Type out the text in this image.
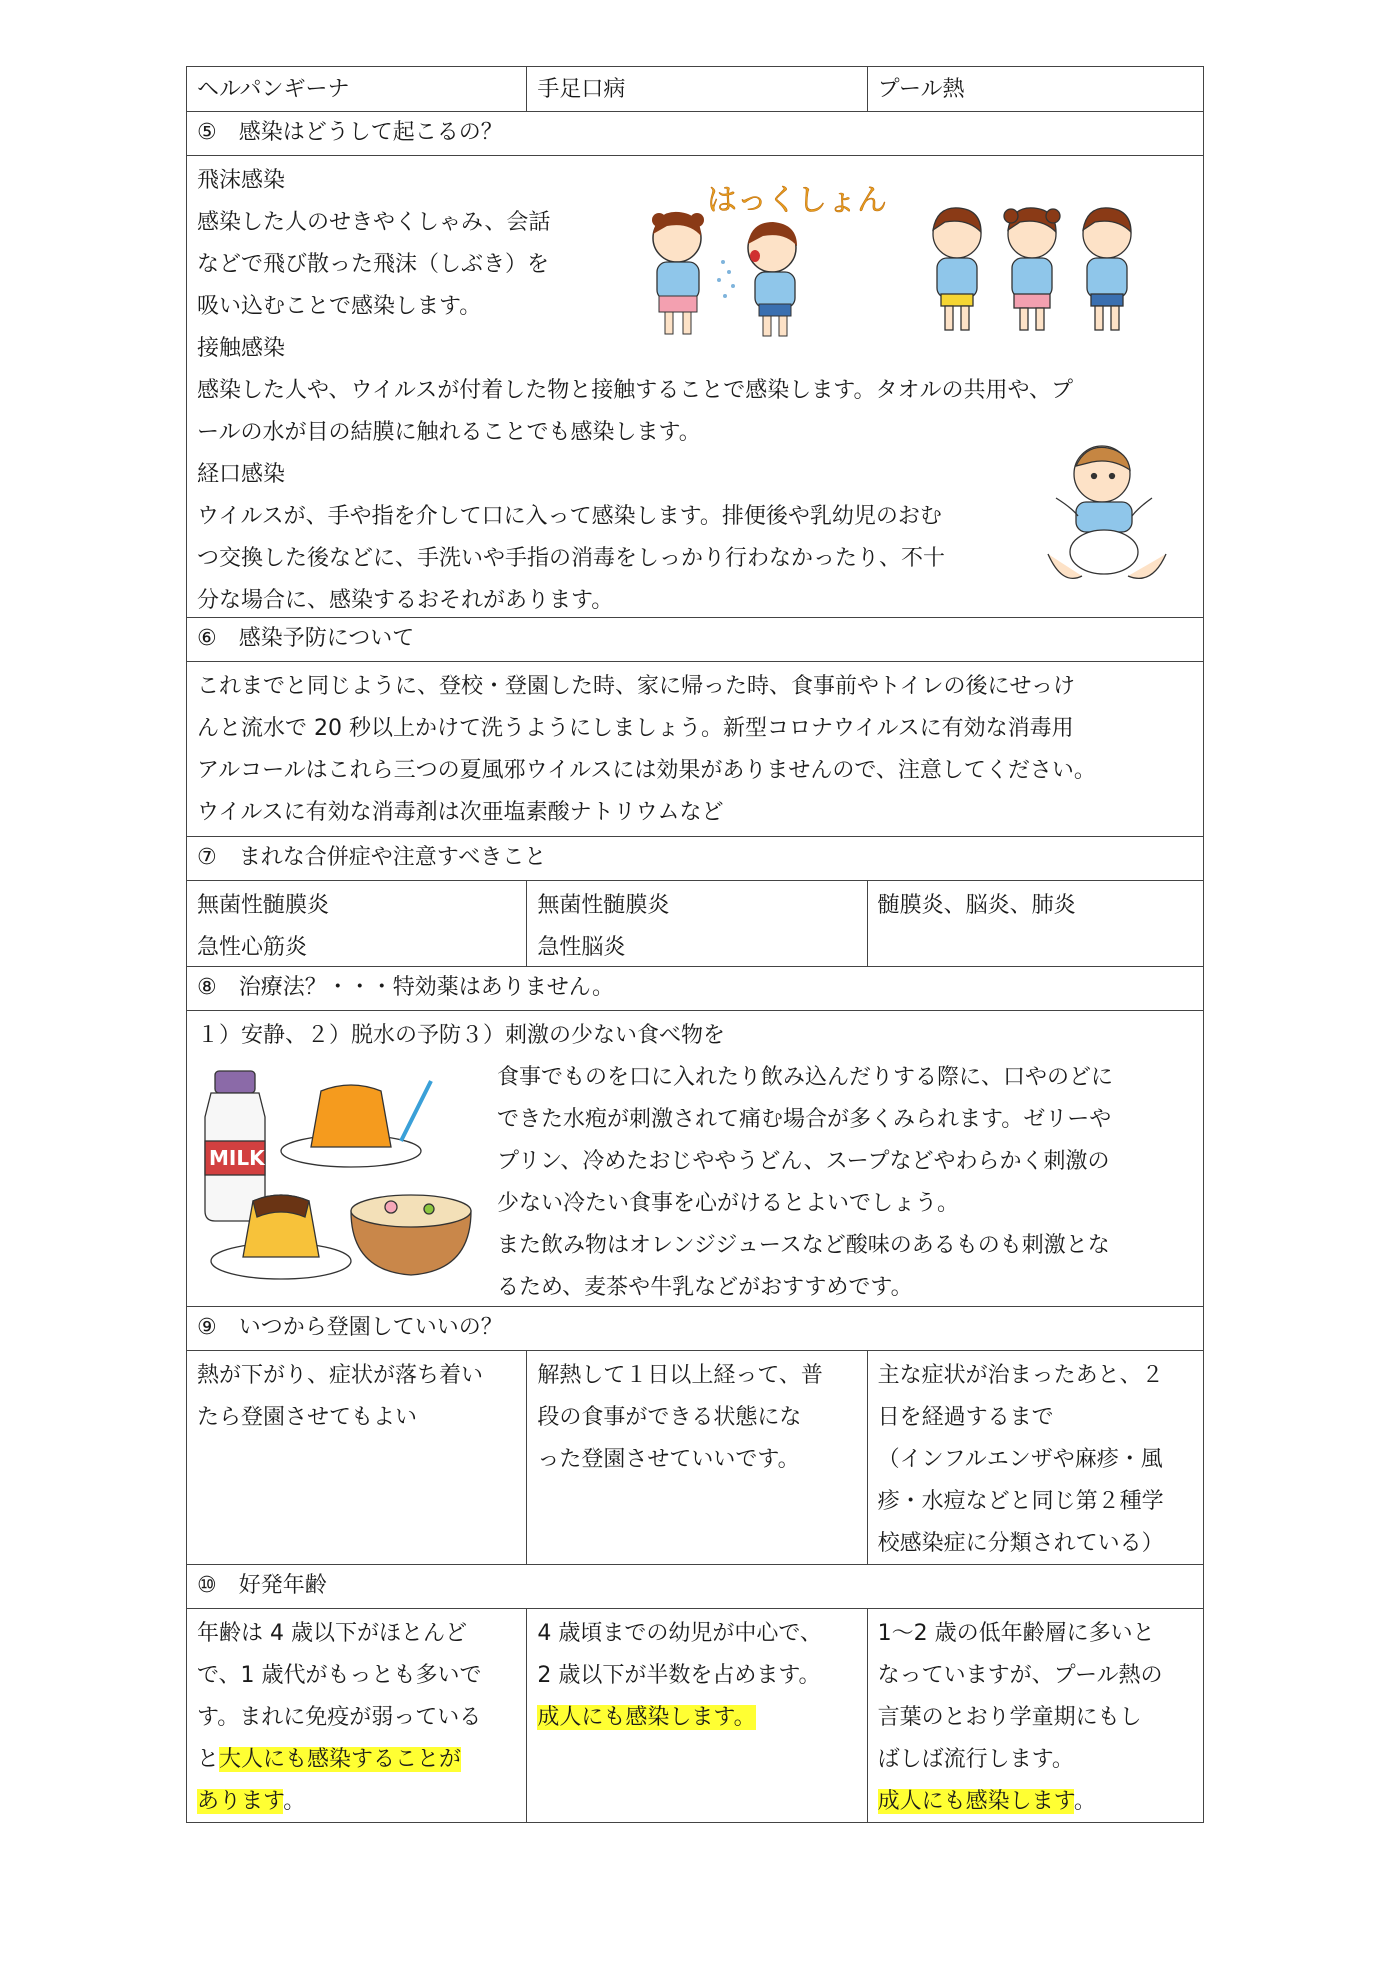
ヘルパンギーナ	手足口病	プール熱
⑤　感染はどうして起こるの？

飛沫感染

感染した人のせきやくしゃみ、会話

などで飛び散った飛沫（しぶき）を

吸い込むことで感染します。

接触感染

感染した人や、ウイルスが付着した物と接触することで感染します。タオルの共用や、プ

ールの水が目の結膜に触れることでも感染します。

経口感染

ウイルスが、手や指を介して口に入って感染します。排便後や乳幼児のおむ

つ交換した後などに、手洗いや手指の消毒をしっかり行わなかったり、不十

分な場合に、感染するおそれがあります。

はっくしょん
⑥　感染予防について

これまでと同じように、登校・登園した時、家に帰った時、食事前やトイレの後にせっけ

んと流水で 20 秒以上かけて洗うようにしましょう。新型コロナウイルスに有効な消毒用

アルコールはこれら三つの夏風邪ウイルスには効果がありませんので、注意してください。

ウイルスに有効な消毒剤は次亜塩素酸ナトリウムなど

⑦　まれな合併症や注意すべきこと

無菌性髄膜炎

急性心筋炎

無菌性髄膜炎

急性脳炎

髄膜炎、脳炎、肺炎

⑧　治療法？・・・特効薬はありません。

１）安静、２）脱水の予防３）刺激の少ない食べ物を

食事でものを口に入れたり飲み込んだりする際に、口やのどに

できた水疱が刺激されて痛む場合が多くみられます。ゼリーや

プリン、冷めたおじややうどん、スープなどやわらかく刺激の

少ない冷たい食事を心がけるとよいでしょう。

また飲み物はオレンジジュースなど酸味のあるものも刺激とな

るため、麦茶や牛乳などがおすすめです。

MILK
⑨　いつから登園していいの？

熱が下がり、症状が落ち着い

たら登園させてもよい

解熱して１日以上経って、普

段の食事ができる状態にな

った登園させていいです。

主な症状が治まったあと、２

日を経過するまで

（インフルエンザや麻疹・風

疹・水痘などと同じ第２種学

校感染症に分類されている）

⑩　好発年齢

年齢は 4 歳以下がほとんど

で、1 歳代がもっとも多いで

す。まれに免疫が弱っている

と大人にも感染することが

あります。

4 歳頃までの幼児が中心で、

2 歳以下が半数を占めます。

成人にも感染します。

1～2 歳の低年齢層に多いと

なっていますが、プール熱の

言葉のとおり学童期にもし

ばしば流行します。

成人にも感染します。
